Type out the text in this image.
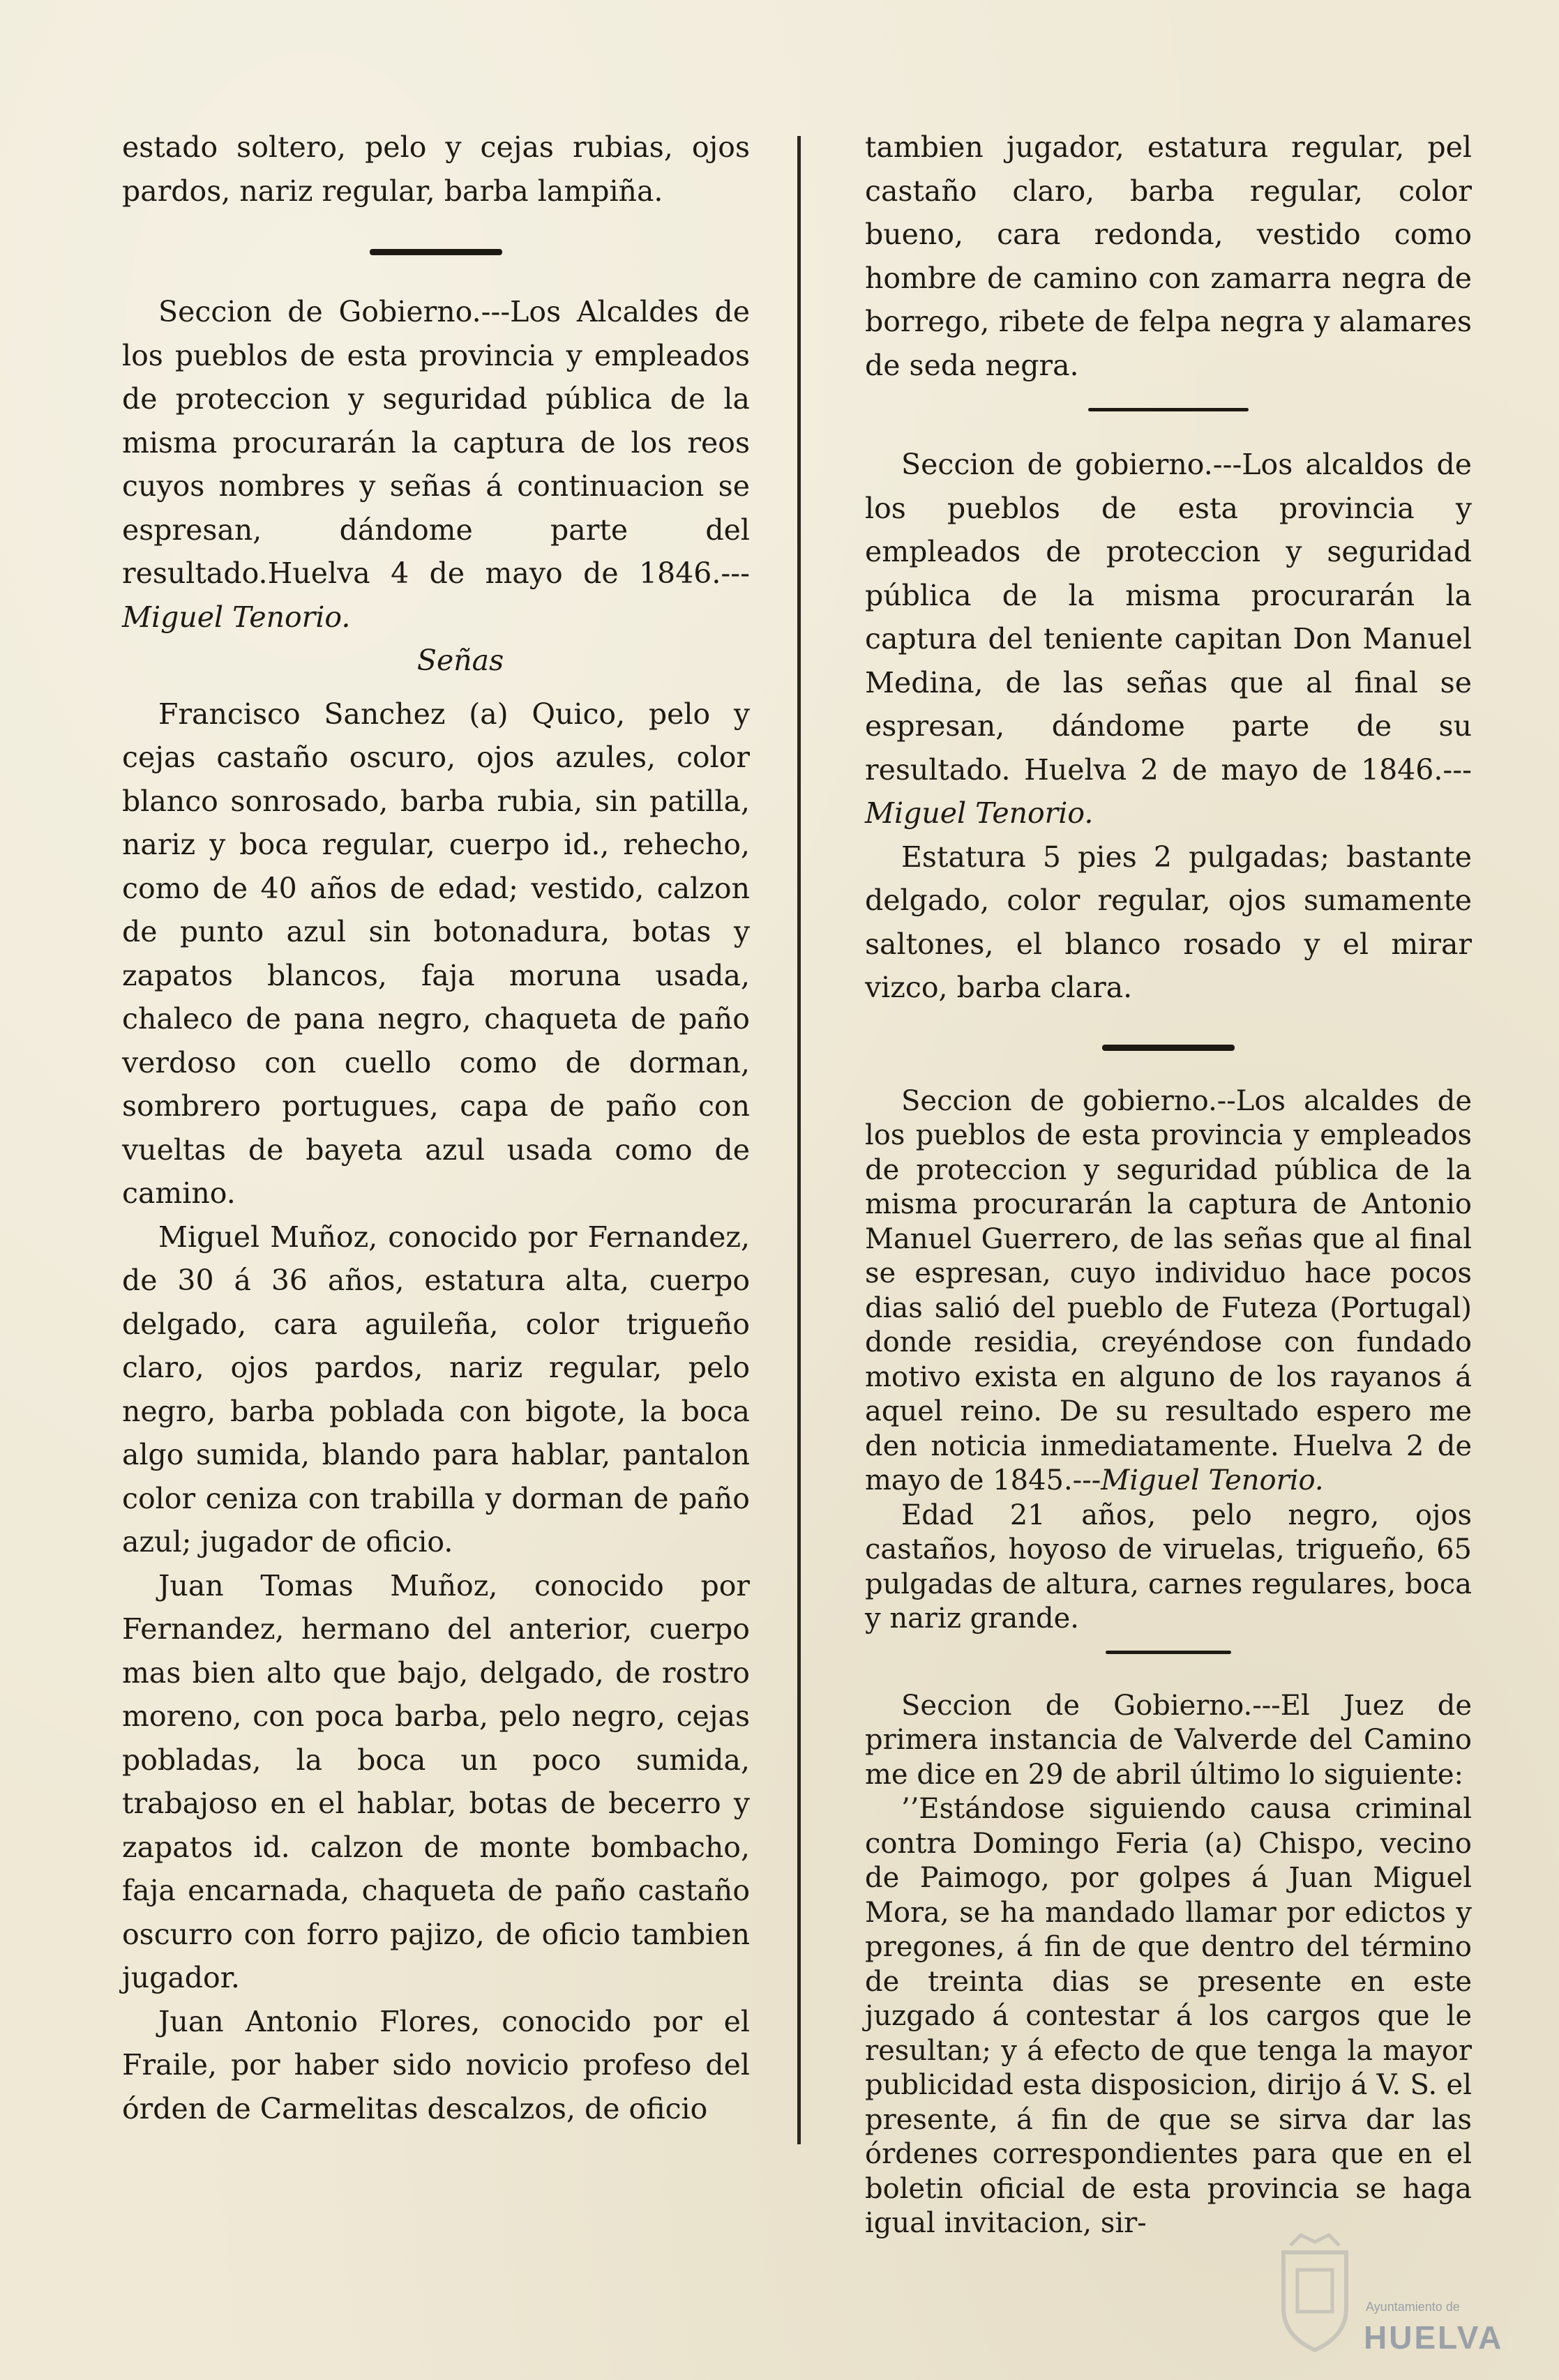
estado soltero, pelo y cejas rubias, ojos pardos, nariz regular, barba lampiña.

Seccion de Gobierno.---Los Alcaldes de los pueblos de esta provincia y empleados de proteccion y seguridad pública de la misma procurarán la captura de los reos cuyos nombres y señas á continuacion se espresan, dándome parte del resultado.Huelva 4 de mayo de 1846.---Miguel Tenorio.

Señas

Francisco Sanchez (a) Quico, pelo y cejas castaño oscuro, ojos azules, color blanco sonrosado, barba rubia, sin patilla, nariz y boca regular, cuerpo id., rehecho, como de 40 años de edad; vestido, calzon de punto azul sin botonadura, botas y zapatos blancos, faja moruna usada, chaleco de pana negro, chaqueta de paño verdoso con cuello como de dorman, sombrero portugues, capa de paño con vueltas de bayeta azul usada como de camino.

Miguel Muñoz, conocido por Fernandez, de 30 á 36 años, estatura alta, cuerpo delgado, cara aguileña, color trigueño claro, ojos pardos, nariz regular, pelo negro, barba poblada con bigote, la boca algo sumida, blando para hablar, pantalon color ceniza con trabilla y dorman de paño azul; jugador de oficio.

Juan Tomas Muñoz, conocido por Fernandez, hermano del anterior, cuerpo mas bien alto que bajo, delgado, de rostro moreno, con poca barba, pelo negro, cejas pobladas, la boca un poco sumida, trabajoso en el hablar, botas de becerro y zapatos id. calzon de monte bombacho, faja encarnada, chaqueta de paño castaño oscurro con forro pajizo, de oficio tambien jugador.

Juan Antonio Flores, conocido por el Fraile, por haber sido novicio profeso del órden de Carmelitas descalzos, de oficio

tambien jugador, estatura regular, pel castaño claro, barba regular, color bueno, cara redonda, vestido como hombre de camino con zamarra negra de borrego, ribete de felpa negra y alamares de seda negra.

Seccion de gobierno.---Los alcaldos de los pueblos de esta provincia y empleados de proteccion y seguridad pública de la misma procurarán la captura del teniente capitan Don Manuel Medina, de las señas que al final se espresan, dándome parte de su resultado. Huelva 2 de mayo de 1846.---Miguel Tenorio.

Estatura 5 pies 2 pulgadas; bastante delgado, color regular, ojos sumamente saltones, el blanco rosado y el mirar vizco, barba clara.

Seccion de gobierno.--Los alcaldes de los pueblos de esta provincia y empleados de proteccion y seguridad pública de la misma procurarán la captura de Antonio Manuel Guerrero, de las señas que al final se espresan, cuyo individuo hace pocos dias salió del pueblo de Futeza (Portugal) donde residia, creyéndose con fundado motivo exista en alguno de los rayanos á aquel reino. De su resultado espero me den noticia inmediatamente. Huelva 2 de mayo de 1845.---Miguel Tenorio.

Edad 21 años, pelo negro, ojos castaños, hoyoso de viruelas, trigueño, 65 pulgadas de altura, carnes regulares, boca y nariz grande.

Seccion de Gobierno.---El Juez de primera instancia de Valverde del Camino me dice en 29 de abril último lo siguiente:

’’Estándose siguiendo causa criminal contra Domingo Feria (a) Chispo, vecino de Paimogo, por golpes á Juan Miguel Mora, se ha mandado llamar por edictos y pregones, á fin de que dentro del término de treinta dias se presente en este juzgado á contestar á los cargos que le resultan; y á efecto de que tenga la mayor publicidad esta disposicion, dirijo á V. S. el presente, á fin de que se sirva dar las órdenes correspondientes para que en el boletin oficial de esta provincia se haga igual invitacion, sir-

Ayuntamiento de
HUELVA
